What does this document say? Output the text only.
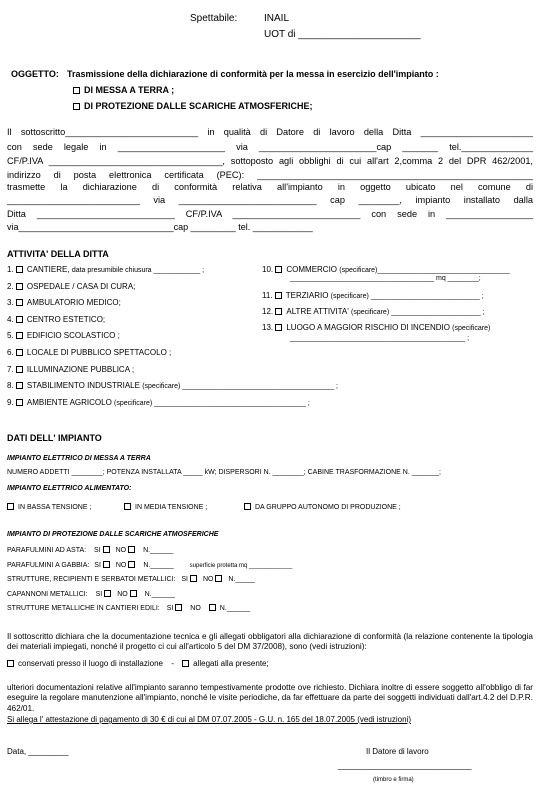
Spettabile:	INAIL
UOT di ______________________
OGGETTO: Trasmissione della dichiarazione di conformità per la messa in esercizio dell'impianto :
DI MESSA A TERRA ;
DI PROTEZIONE DALLE SCARICHE ATMOSFERICHE;
Il sottoscritto__________________________ in qualità di Datore di lavoro della Ditta ______________________
con sede legale in _____________________ via _______________________cap _______ tel.______________
CF/P.IVA __________________________________, sottoposto agli obblighi di cui all'art 2,comma 2 del DPR 462/2001,
indirizzo di posta elettronica certificata (PEC): ______________________________________________________
trasmette la dichiarazione di conformità relativa all'impianto in oggetto ubicato nel comune di
__________________________ via ___________________________ cap ________, impianto installato dalla
Ditta ___________________________ CF/P.IVA _________________________ con sede in _________________
via_______________________________cap _________ tel. ____________
ATTIVITA' DELLA DITTA
1. CANTIERE, data presumibile chiusura ____________ ;
2. OSPEDALE / CASA DI CURA;
3. AMBULATORIO MEDICO;
4. CENTRO ESTETICO;
5. EDIFICIO SCOLASTICO ;
6. LOCALE DI PUBBLICO SPETTACOLO ;
7. ILLUMINAZIONE PUBBLICA ;
8. STABILIMENTO INDUSTRIALE (specificare) _______________________________________ ;
9. AMBIENTE AGRICOLO (specificare) _______________________________________ ;
10. COMMERCIO (specificare)__________________________________
_____________________________________ mq ________;
11. TERZIARIO (specificare) ____________________________ ;
12. ALTRE ATTIVITA' (specificare) _______________________ ;
13. LUOGO A MAGGIOR RISCHIO DI INCENDIO (specificare)
_____________________________________________ ;
DATI DELL' IMPIANTO
IMPIANTO ELETTRICO DI MESSA A TERRA
NUMERO ADDETTI ________; POTENZA INSTALLATA _____ kW; DISPERSORI N. ________; CABINE TRASFORMAZIONE N. _______;
IMPIANTO ELETTRICO ALIMENTATO:
IN BASSA TENSIONE ;	IN MEDIA TENSIONE ;	DA GRUPPO AUTONOMO DI PRODUZIONE ;
IMPIANTO DI PROTEZIONE DALLE SCARICHE ATMOSFERICHE
PARAFULMINI AD ASTA: SI NO N.______
PARAFULMINI A GABBIA: SI NO N.______	superficie protetta mq _____________
STRUTTURE, RECIPIENTI E SERBATOI METALLICI: SI NO N._____
CAPANNONI METALLICI: SI NO N.______
STRUTTURE METALLICHE IN CANTIERI EDILI: SI NO	N.______
Il sottoscritto dichiara che la documentazione tecnica e gli allegati obbligatori alla dichiarazione di conformità (la relazione contenente la tipologia dei materiali impiegati, nonché il progetto ci cui all'articolo 5 del DM 37/2008), sono (vedi istruzioni):
conservati presso il luogo di installazione - allegati alla presente;
ulteriori documentazioni relative all'impianto saranno tempestivamente prodotte ove richiesto. Dichiara inoltre di essere soggetto all'obbligo di far eseguire la regolare manutenzione all'impianto, nonché le visite periodiche, da far effettuare da parte dei soggetti individuati dall'art.4.2 del D.P.R. 462/01.
Si allega l' attestazione di pagamento di 30 € di cui al DM 07.07.2005 - G.U. n. 165 del 18.07.2005 (vedi istruzioni)
Data, _________	Il Datore di lavoro
______________________________
(timbro e firma)
